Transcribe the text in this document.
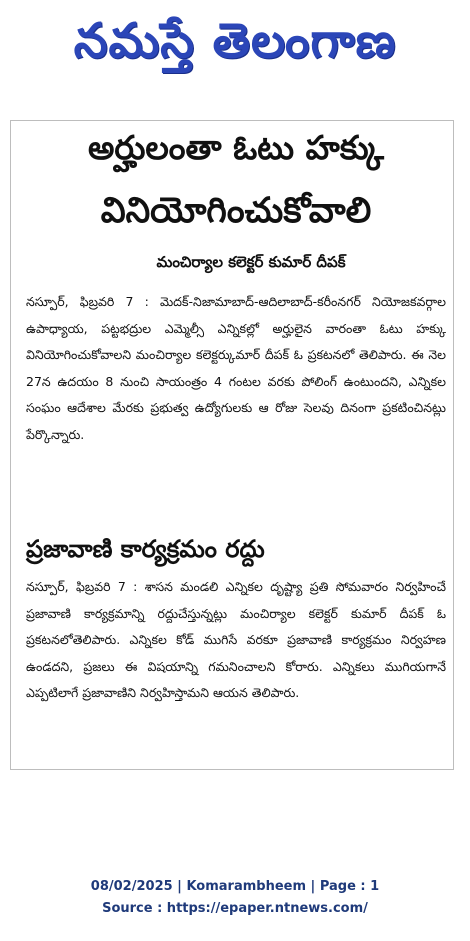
నమస్తే తెలంగాణ
అర్హులంతా ఓటు హక్కు
వినియోగించుకోవాలి
మంచిర్యాల కలెక్టర్ కుమార్ దీపక్

నస్పూర్, ఫిబ్రవరి 7 : మెదక్-నిజామాబాద్-ఆదిలాబాద్-కరీంనగర్ నియోజకవర్గాల ఉపాధ్యాయ, పట్టభద్రుల ఎమ్మెల్సీ ఎన్నికల్లో అర్హులైన వారంతా ఓటు హక్కు వినియోగించుకోవాలని మంచిర్యాల కలెక్టర్కుమార్ దీపక్ ఓ ప్రకటనలో తెలిపారు. ఈ నెల 27న ఉదయం 8 నుంచి సాయంత్రం 4 గంటల వరకు పోలింగ్ ఉంటుందని, ఎన్నికల సంఘం ఆదేశాల మేరకు ప్రభుత్వ ఉద్యోగులకు ఆ రోజు సెలవు దినంగా ప్రకటించినట్లు పేర్కొన్నారు.

ప్రజావాణి కార్యక్రమం రద్దు

నస్పూర్, ఫిబ్రవరి 7 : శాసన మండలి ఎన్నికల దృష్ట్యా ప్రతి సోమవారం నిర్వహించే ప్రజావాణి కార్యక్రమాన్ని రద్దుచేస్తున్నట్లు మంచిర్యాల కలెక్టర్ కుమార్ దీపక్ ఓ ప్రకటనలోతెలిపారు. ఎన్నికల కోడ్ ముగిసే వరకూ ప్రజావాణి కార్యక్రమం నిర్వహణ ఉండదని, ప్రజలు ఈ విషయాన్ని గమనించాలని కోరారు. ఎన్నికలు ముగియగానే ఎప్పటిలాగే ప్రజావాణిని నిర్వహిస్తామని ఆయన తెలిపారు.

08/02/2025 | Komarambheem | Page : 1
Source : https://epaper.ntnews.com/
